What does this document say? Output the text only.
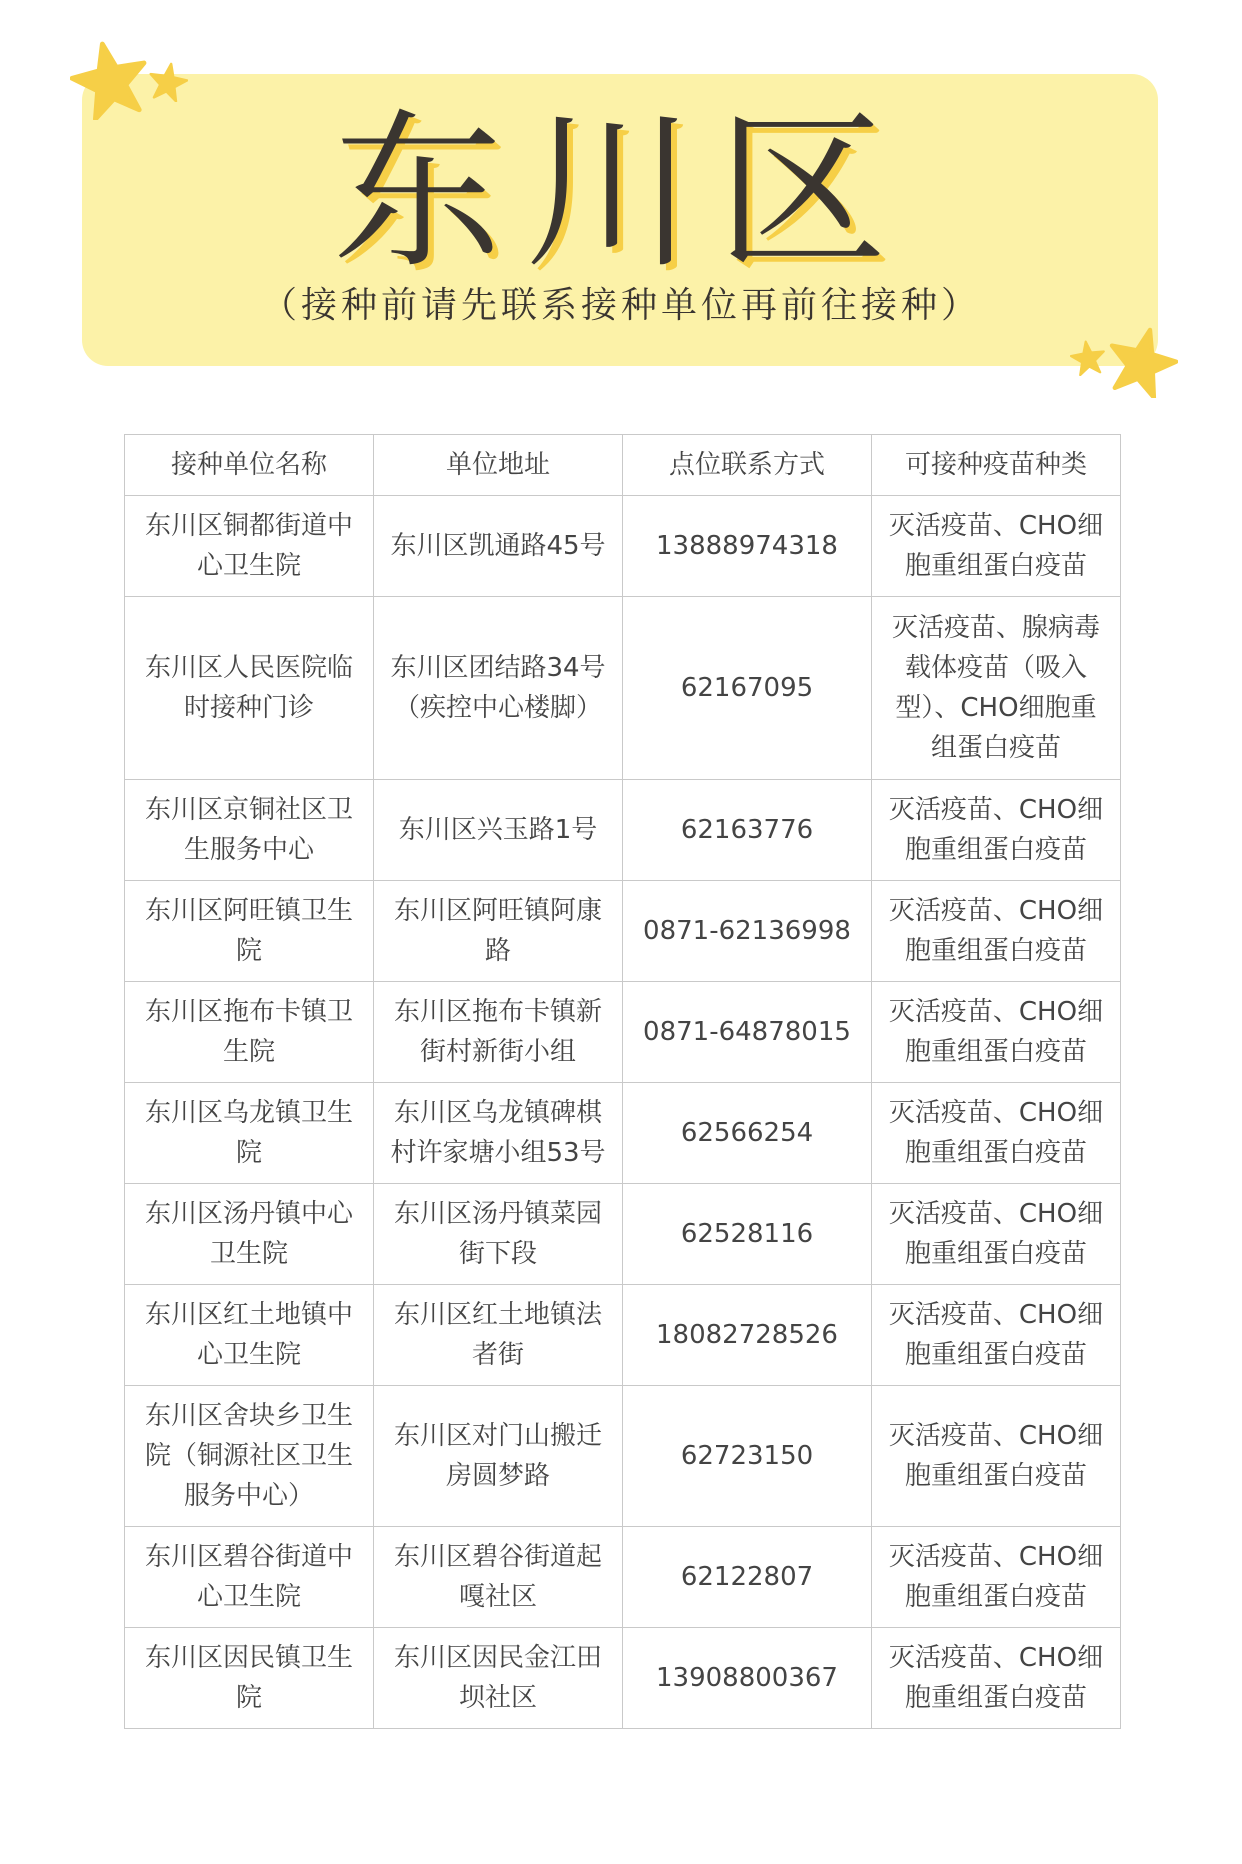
东川区

（接种前请先联系接种单位再前往接种）

接种单位名称	单位地址	点位联系方式	可接种疫苗种类
东川区铜都街道中心卫生院	东川区凯通路45号	13888974318	灭活疫苗、CHO细胞重组蛋白疫苗
东川区人民医院临时接种门诊	东川区团结路34号（疾控中心楼脚）	62167095	灭活疫苗、腺病毒载体疫苗（吸入型）、CHO细胞重组蛋白疫苗
东川区京铜社区卫生服务中心	东川区兴玉路1号	62163776	灭活疫苗、CHO细胞重组蛋白疫苗
东川区阿旺镇卫生院	东川区阿旺镇阿康路	0871-62136998	灭活疫苗、CHO细胞重组蛋白疫苗
东川区拖布卡镇卫生院	东川区拖布卡镇新街村新街小组	0871-64878015	灭活疫苗、CHO细胞重组蛋白疫苗
东川区乌龙镇卫生院	东川区乌龙镇碑棋村许家塘小组53号	62566254	灭活疫苗、CHO细胞重组蛋白疫苗
东川区汤丹镇中心卫生院	东川区汤丹镇菜园街下段	62528116	灭活疫苗、CHO细胞重组蛋白疫苗
东川区红土地镇中心卫生院	东川区红土地镇法者街	18082728526	灭活疫苗、CHO细胞重组蛋白疫苗
东川区舍块乡卫生院（铜源社区卫生服务中心）	东川区对门山搬迁房圆梦路	62723150	灭活疫苗、CHO细胞重组蛋白疫苗
东川区碧谷街道中心卫生院	东川区碧谷街道起嘎社区	62122807	灭活疫苗、CHO细胞重组蛋白疫苗
东川区因民镇卫生院	东川区因民金江田坝社区	13908800367	灭活疫苗、CHO细胞重组蛋白疫苗
